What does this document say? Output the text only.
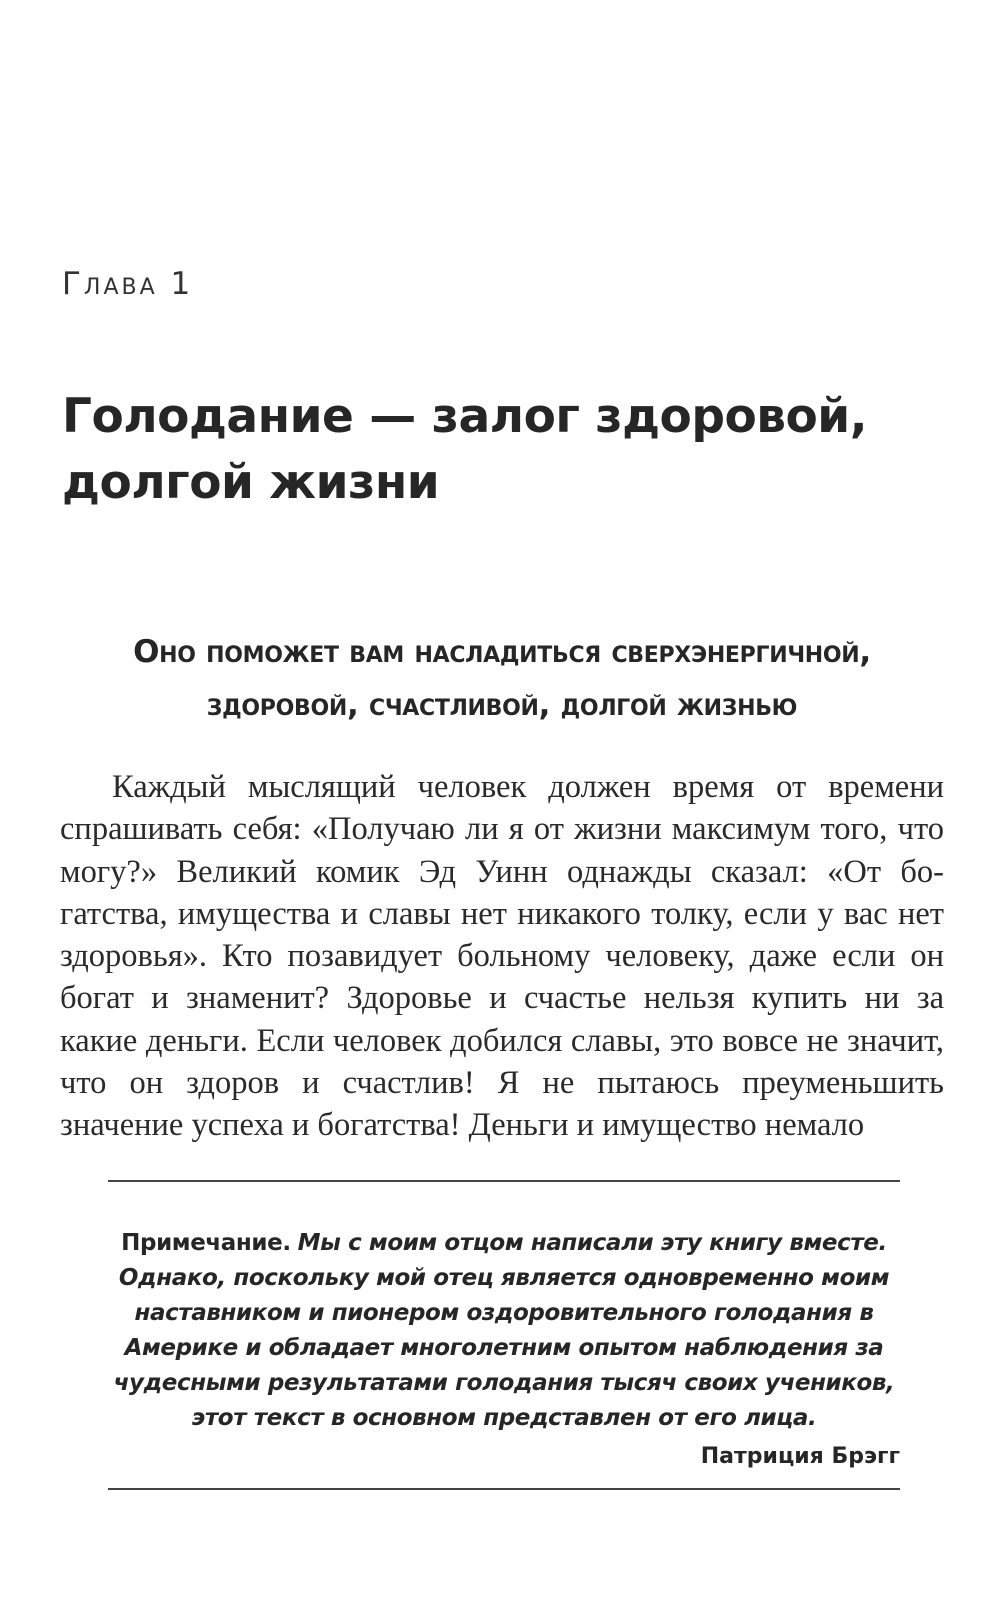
Глава 1
Голодание — залог здоровой, долгой жизни
Оно поможет вам насладиться сверхэнергичной, здоровой, счастливой, долгой жизнью

Каждый мыслящий человек должен время от времени спрашивать себя: «Получаю ли я от жизни максимум того, что могу?» Великий комик Эд Уинн однажды сказал: «От богатства, имущества и славы нет никакого толку, если у вас нет здоровья». Кто позавидует больному человеку, даже если он богат и знаменит? Здоровье и счастье нельзя купить ни за какие деньги. Если человек добился славы, это вовсе не значит, что он здоров и счастлив! Я не пытаюсь преуменьшить значение успеха и богатства! Деньги и имущество немало

Примечание. Мы с моим отцом написали эту книгу вместе. Однако, поскольку мой отец является одновременно моим наставником и пионером оздоровительного голодания в Америке и обладает многолетним опытом наблюдения за чудесными результатами голодания тысяч своих учеников, этот текст в основном представлен от его лица.

Патриция Брэгг
